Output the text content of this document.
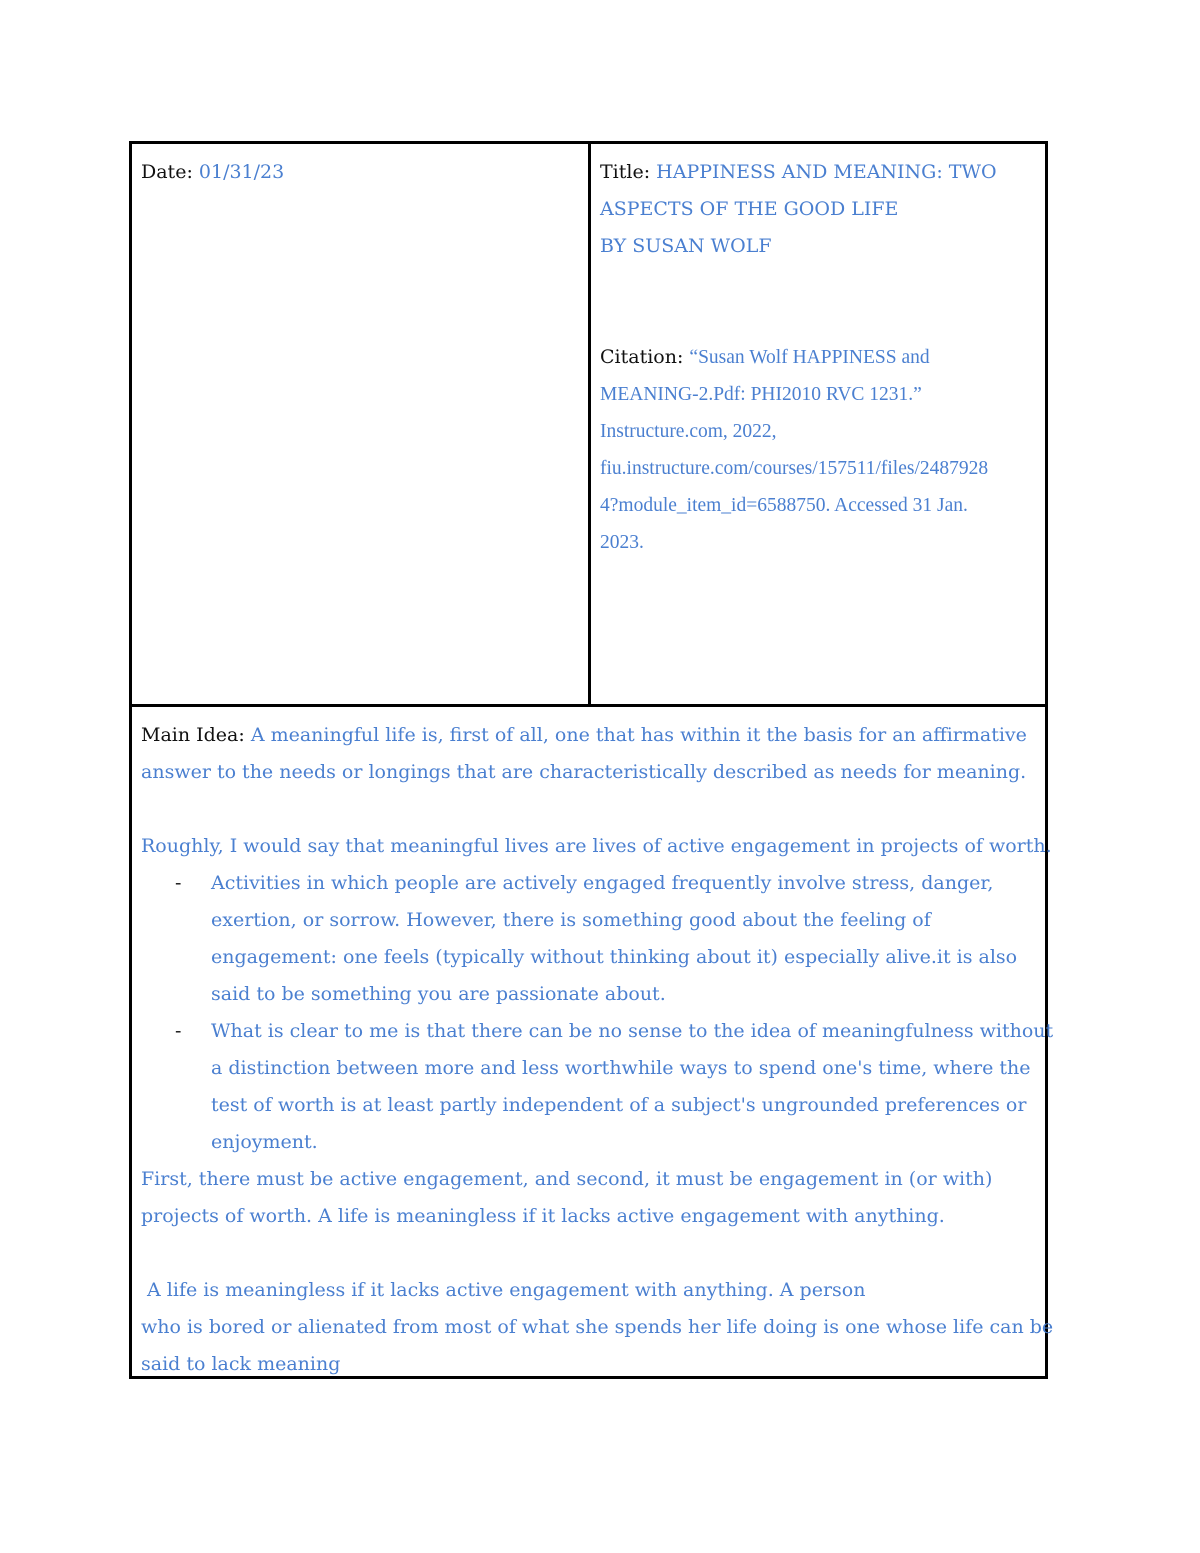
Date: 01/31/23	Title: HAPPINESS AND MEANING: TWO
ASPECTS OF THE GOOD LIFE
BY SUSAN WOLF
Citation: “Susan Wolf HAPPINESS and
MEANING-2.Pdf: PHI2010 RVC 1231.”
Instructure.com, 2022,
fiu.instructure.com/courses/157511/files/2487928
4?module_item_id=6588750. Accessed 31 Jan.
2023.
Main Idea: A meaningful life is, first of all, one that has within it the basis for an affirmative
answer to the needs or longings that are characteristically described as needs for meaning.
Roughly, I would say that meaningful lives are lives of active engagement in projects of worth.
- Activities in which people are actively engaged frequently involve stress, danger,
exertion, or sorrow. However, there is something good about the feeling of
engagement: one feels (typically without thinking about it) especially alive.it is also
said to be something you are passionate about.
- What is clear to me is that there can be no sense to the idea of meaningfulness without
a distinction between more and less worthwhile ways to spend one's time, where the
test of worth is at least partly independent of a subject's ungrounded preferences or
enjoyment.
First, there must be active engagement, and second, it must be engagement in (or with)
projects of worth. A life is meaningless if it lacks active engagement with anything.
A life is meaningless if it lacks active engagement with anything. A person
who is bored or alienated from most of what she spends her life doing is one whose life can be
said to lack meaning
